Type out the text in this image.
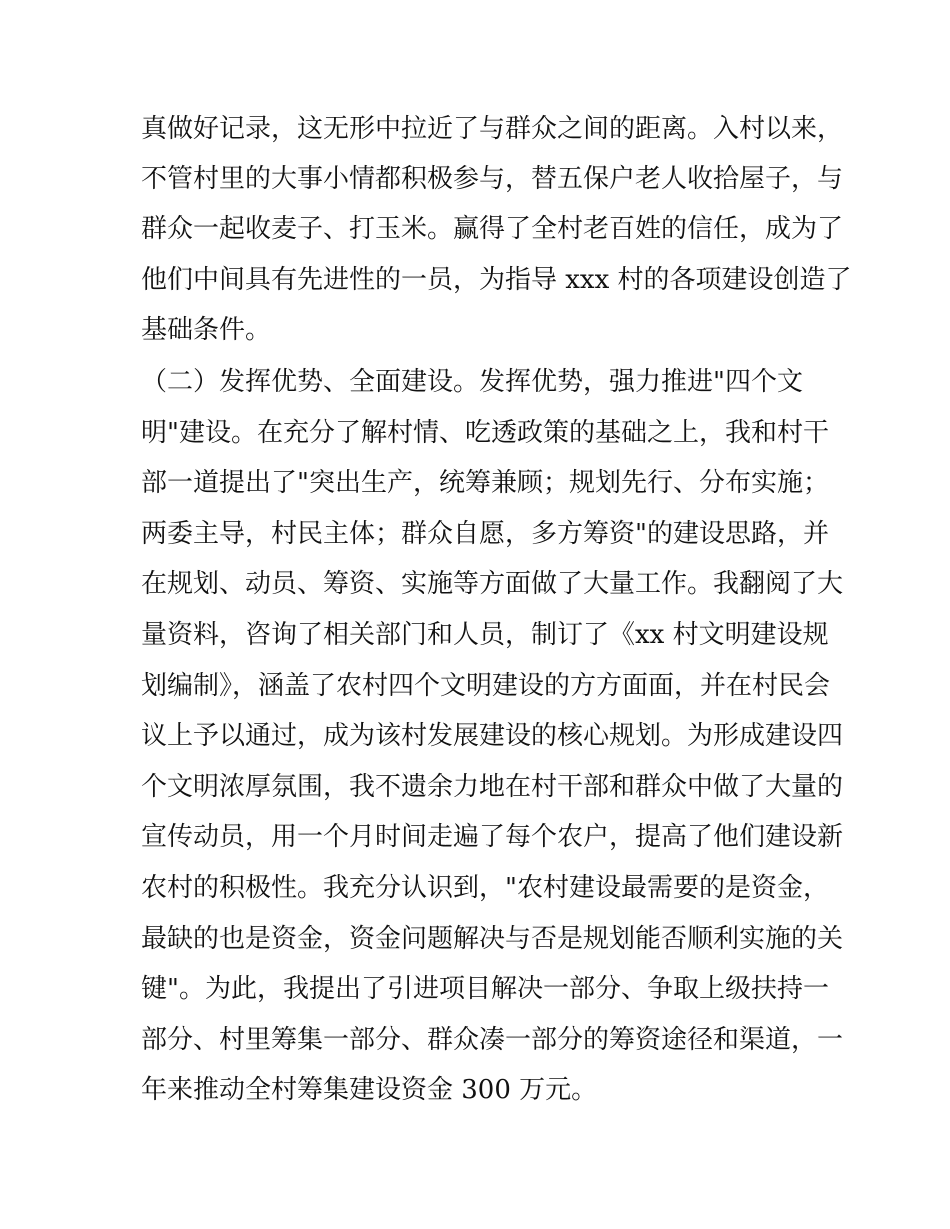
真做好记录，这无形中拉近了与群众之间的距离。入村以来，
不管村里的大事小情都积极参与，替五保户老人收拾屋子，与
群众一起收麦子、打玉米。赢得了全村老百姓的信任，成为了
他们中间具有先进性的一员，为指导 xxx 村的各项建设创造了
基础条件。
（二）发挥优势、全面建设。发挥优势，强力推进"四个文
明"建设。在充分了解村情、吃透政策的基础之上，我和村干
部一道提出了"突出生产，统筹兼顾；规划先行、分布实施；
两委主导，村民主体；群众自愿，多方筹资"的建设思路，并
在规划、动员、筹资、实施等方面做了大量工作。我翻阅了大
量资料，咨询了相关部门和人员，制订了《xx 村文明建设规
划编制》，涵盖了农村四个文明建设的方方面面，并在村民会
议上予以通过，成为该村发展建设的核心规划。为形成建设四
个文明浓厚氛围，我不遗余力地在村干部和群众中做了大量的
宣传动员，用一个月时间走遍了每个农户，提高了他们建设新
农村的积极性。我充分认识到，"农村建设最需要的是资金，
最缺的也是资金，资金问题解决与否是规划能否顺利实施的关
键"。为此，我提出了引进项目解决一部分、争取上级扶持一
部分、村里筹集一部分、群众凑一部分的筹资途径和渠道，一
年来推动全村筹集建设资金 300 万元。
